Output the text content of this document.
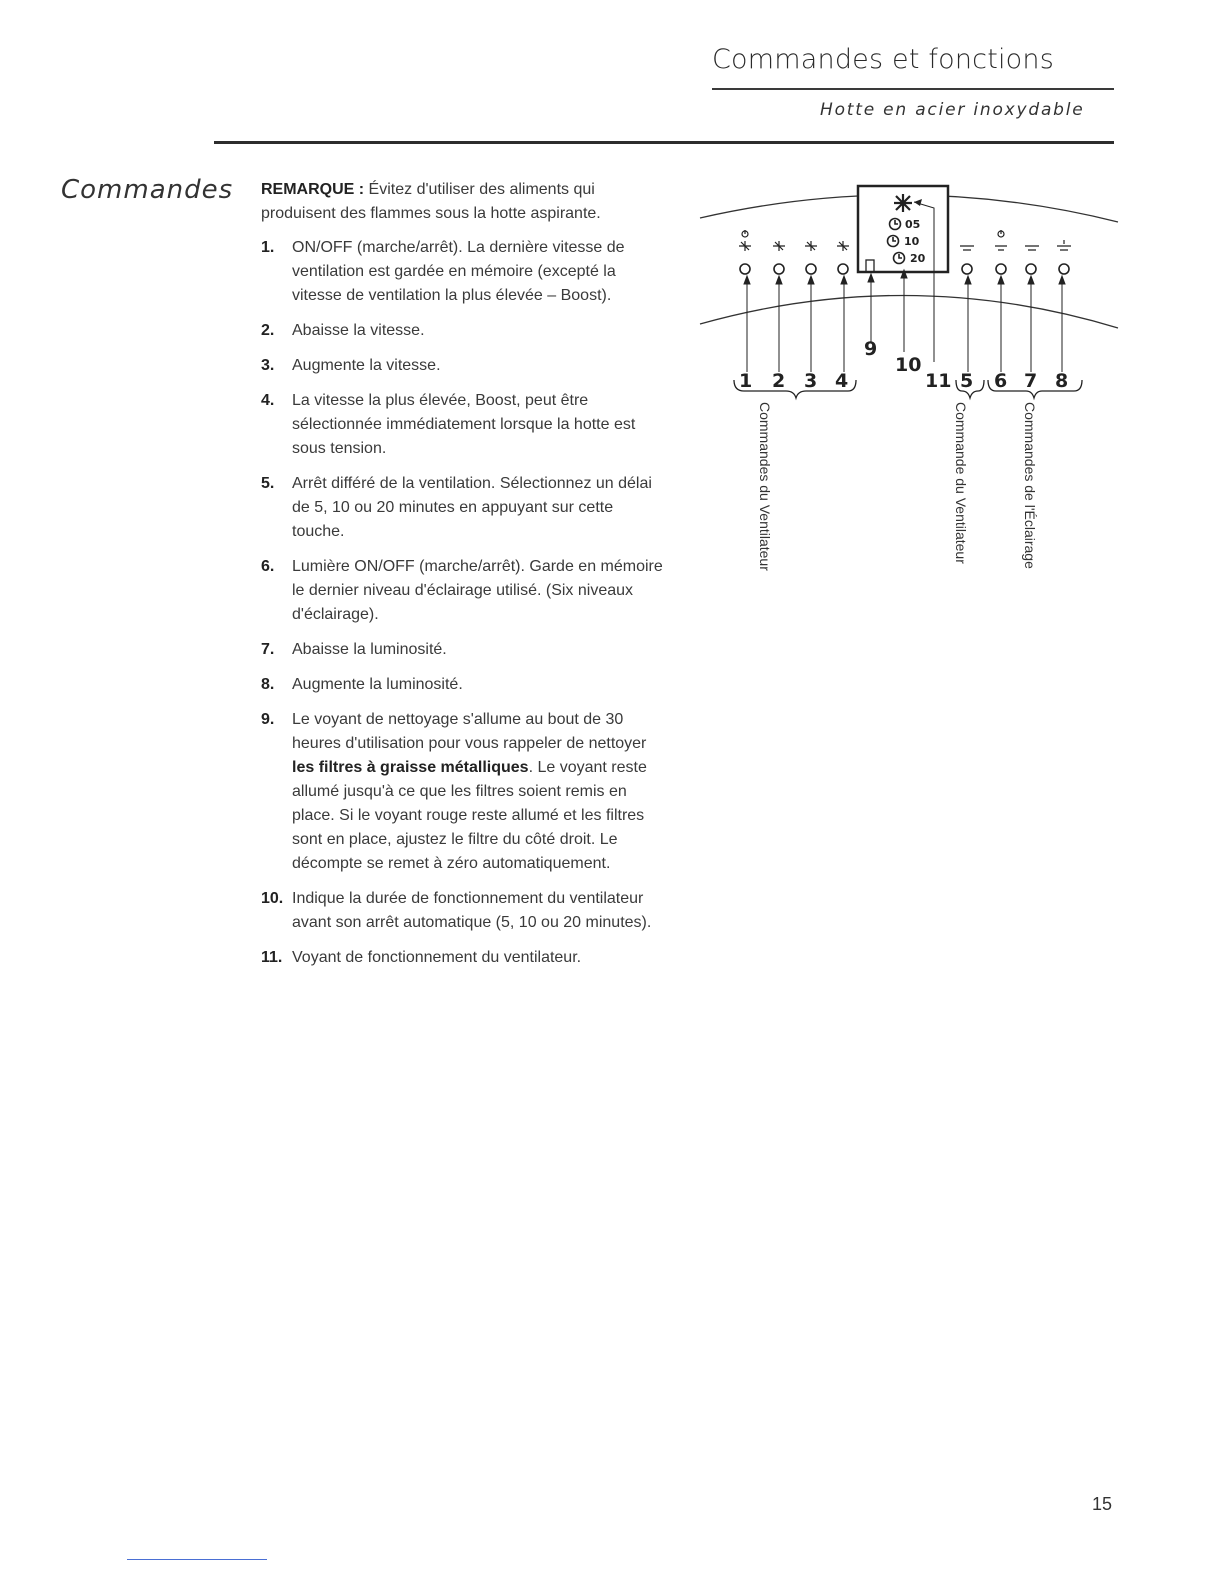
Commandes et fonctions
Hotte en acier inoxydable
Commandes REMARQUE : Évitez d'utiliser des aliments qui produisent des flammes sous la hotte aspirante.

1. ON/OFF (marche/arrêt). La dernière vitesse de ventilation est gardée en mémoire (excepté la vitesse de ventilation la plus élevée – Boost).
2. Abaisse la vitesse.
3. Augmente la vitesse.
4. La vitesse la plus élevée, Boost, peut être sélectionnée immédiatement lorsque la hotte est sous tension.
5. Arrêt différé de la ventilation. Sélectionnez un délai de 5, 10 ou 20 minutes en appuyant sur cette touche.
6. Lumière ON/OFF (marche/arrêt). Garde en mémoire le dernier niveau d'éclairage utilisé. (Six niveaux d'éclairage).
7. Abaisse la luminosité.
8. Augmente la luminosité.
9. Le voyant de nettoyage s'allume au bout de 30 heures d'utilisation pour vous rappeler de nettoyer les filtres à graisse métalliques. Le voyant reste allumé jusqu'à ce que les filtres soient remis en place. Si le voyant rouge reste allumé et les filtres sont en place, ajustez le filtre du côté droit. Le décompte se remet à zéro automatiquement.
10. Indique la durée de fonctionnement du ventilateur avant son arrêt automatique (5, 10 ou 20 minutes).
11. Voyant de fonctionnement du ventilateur.
05
10
20
1 2 3 4
9
10
11 5 6 7 8
Commandes du Ventilateur	Commande du Ventilateur	Commandes de l'Éclairage
15
